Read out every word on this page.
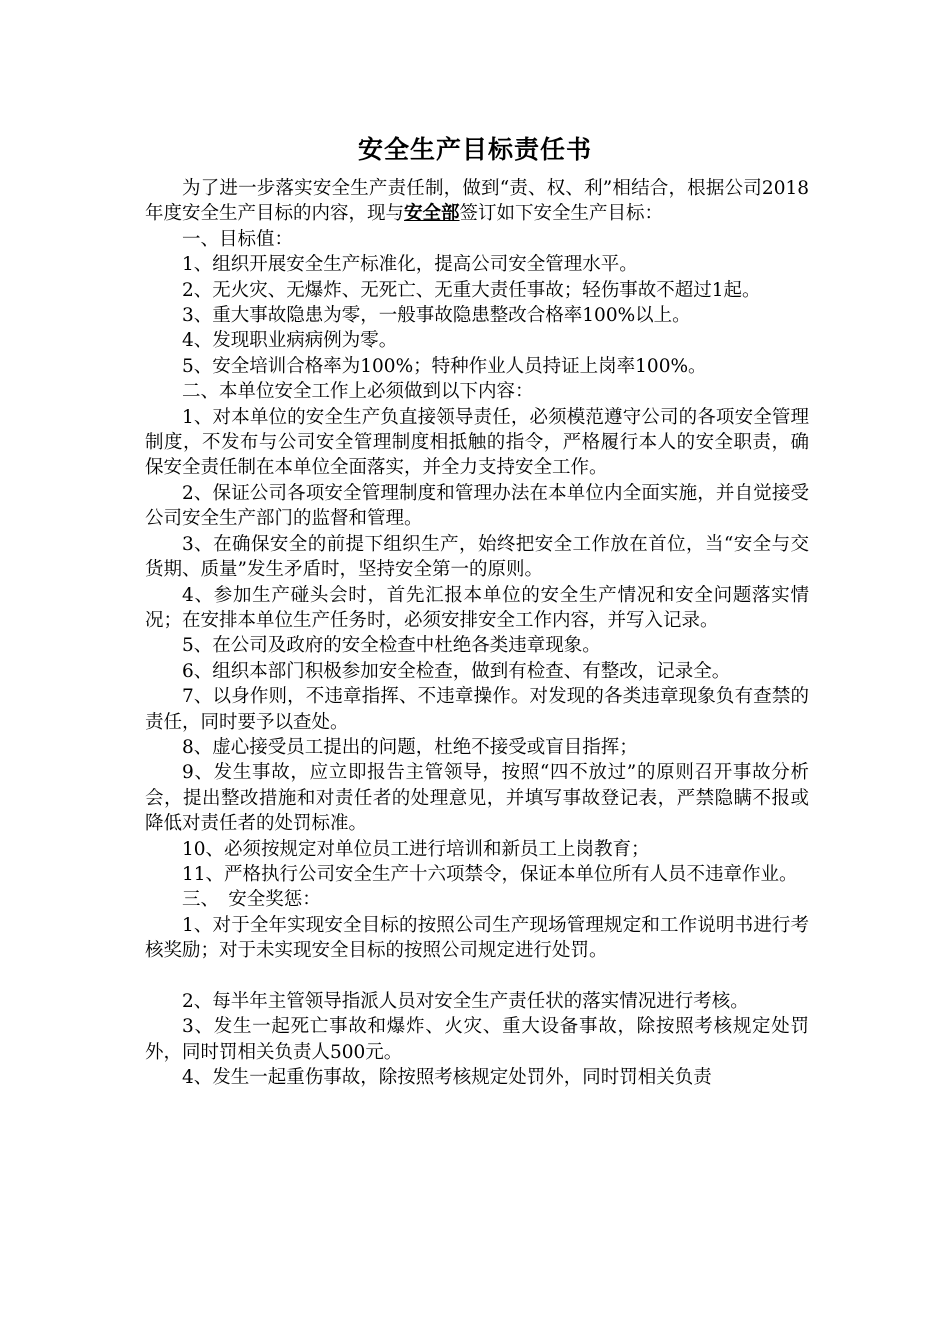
安全生产目标责任书

为了进一步落实安全生产责任制，做到“责、权、利”相结合，根据公司2018年度安全生产目标的内容，现与安全部签订如下安全生产目标：

一、目标值：

1、组织开展安全生产标准化，提高公司安全管理水平。

2、无火灾、无爆炸、无死亡、无重大责任事故；轻伤事故不超过1起。

3、重大事故隐患为零，一般事故隐患整改合格率100%以上。

4、发现职业病病例为零。

5、安全培训合格率为100%；特种作业人员持证上岗率100%。

二、本单位安全工作上必须做到以下内容：

1、对本单位的安全生产负直接领导责任，必须模范遵守公司的各项安全管理制度，不发布与公司安全管理制度相抵触的指令，严格履行本人的安全职责，确保安全责任制在本单位全面落实，并全力支持安全工作。

2、保证公司各项安全管理制度和管理办法在本单位内全面实施，并自觉接受公司安全生产部门的监督和管理。

3、在确保安全的前提下组织生产，始终把安全工作放在首位，当“安全与交货期、质量”发生矛盾时，坚持安全第一的原则。

4、参加生产碰头会时，首先汇报本单位的安全生产情况和安全问题落实情况；在安排本单位生产任务时，必须安排安全工作内容，并写入记录。

5、在公司及政府的安全检查中杜绝各类违章现象。

6、组织本部门积极参加安全检查，做到有检查、有整改，记录全。

7、以身作则，不违章指挥、不违章操作。对发现的各类违章现象负有查禁的责任，同时要予以查处。

8、虚心接受员工提出的问题，杜绝不接受或盲目指挥；

9、发生事故，应立即报告主管领导，按照“四不放过”的原则召开事故分析会，提出整改措施和对责任者的处理意见，并填写事故登记表，严禁隐瞒不报或降低对责任者的处罚标准。

10、必须按规定对单位员工进行培训和新员工上岗教育；

11、严格执行公司安全生产十六项禁令，保证本单位所有人员不违章作业。

三、　安全奖惩：

1、对于全年实现安全目标的按照公司生产现场管理规定和工作说明书进行考核奖励；对于未实现安全目标的按照公司规定进行处罚。

2、每半年主管领导指派人员对安全生产责任状的落实情况进行考核。

3、发生一起死亡事故和爆炸、火灾、重大设备事故，除按照考核规定处罚外，同时罚相关负责人500元。

4、发生一起重伤事故，除按照考核规定处罚外，同时罚相关负责
